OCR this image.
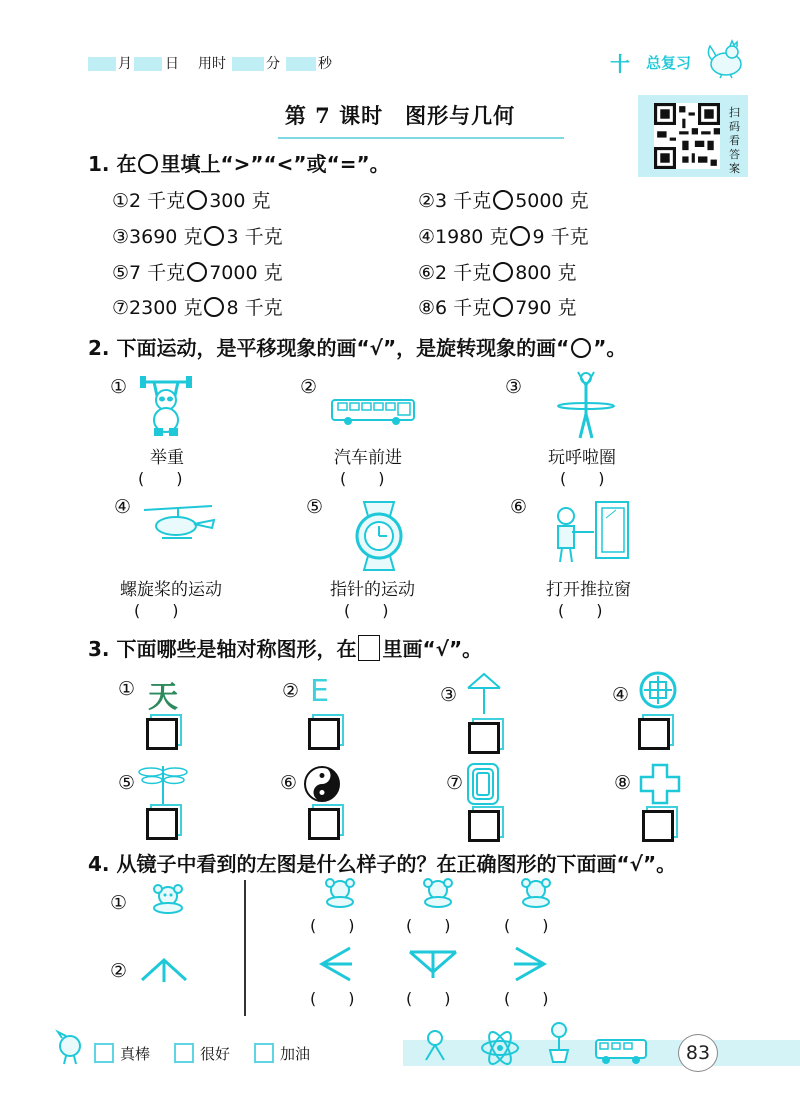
月 日 用时	分	秒	十 总复习
第 7 课时　图形与几何	扫码看答案
1. 在 里填上“>”“<”或“=”。
①2 千克 300 克	②3 千克 5000 克
③3690 克 3 千克	④1980 克 9 千克
⑤7 千克 7000 克	⑥2 千克 800 克
⑦2300 克 8 千克	⑧6 千克 790 克
2. 下面运动，是平移现象的画“√”，是旋转现象的画“ ”。
①
举重
(　　)
②
汽车前进
(　　)
③
玩呼啦圈
(　　)
④
螺旋桨的运动
(　　)
⑤
指针的运动
(　　)
⑥
打开推拉窗
(　　)
3. 下面哪些是轴对称图形，在 里画“√”。
① 天	② E	③	④
⑤	⑥	⑦	⑧
4. 从镜子中看到的左图是什么样子的？在正确图形的下面画“√”。
①
(　　)	(　　)	(　　)
②
(　　)	(　　)	(　　)
真棒	很好	加油	83
